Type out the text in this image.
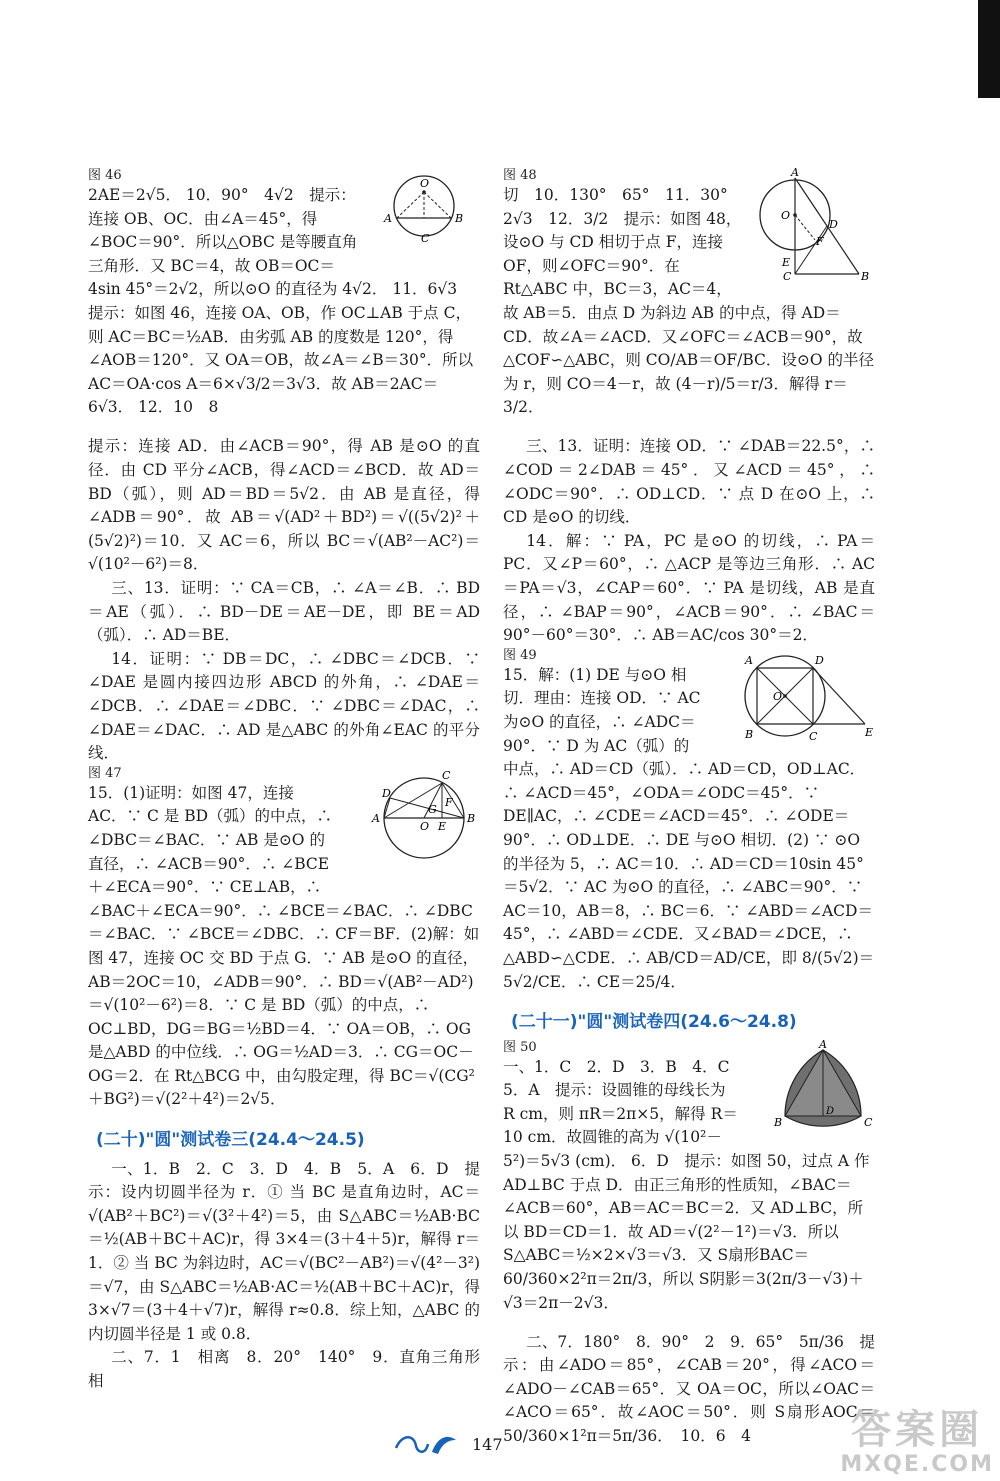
O
A
C
B

图 46
2AE＝2√5． 10．90°　4√2　提示：连接 OB、OC．由∠A＝45°，得∠BOC＝90°．所以△OBC 是等腰直角三角形．又 BC＝4，故 OB＝OC＝4sin 45°＝2√2，所以⊙O 的直径为 4√2． 11．6√3　提示：如图 46，连接 OA、OB，作 OC⊥AB 于点 C，则 AC＝BC＝½AB．由劣弧 AB 的度数是 120°，得∠AOB＝120°．又 OA＝OB，故∠A＝∠B＝30°．所以 AC＝OA·cos A＝6×√3/2＝3√3．故 AB＝2AC＝6√3． 12．10　8

提示：连接 AD．由∠ACB＝90°，得 AB 是⊙O 的直径．由 CD 平分∠ACB，得∠ACD＝∠BCD．故 AD＝BD（弧），则 AD＝BD＝5√2．由 AB 是直径，得∠ADB＝90°．故 AB＝√(AD²＋BD²)＝√((5√2)²＋(5√2)²)＝10．又 AC＝6，所以 BC＝√(AB²－AC²)＝√(10²－6²)＝8．

三、13．证明：∵ CA＝CB，∴ ∠A＝∠B．∴ BD＝AE（弧）．∴ BD－DE＝AE－DE，即 BE＝AD（弧）．∴ AD＝BE．

14．证明：∵ DB＝DC，∴ ∠DBC＝∠DCB．∵ ∠DAE 是圆内接四边形 ABCD 的外角，∴ ∠DAE＝∠DCB．∴ ∠DAE＝∠DBC．∵ ∠DBC＝∠DAC，∴ ∠DAE＝∠DAC．∴ AD 是△ABC 的外角∠EAC 的平分线．

D
C
F
A
G
O E
B

图 47
15．(1)证明：如图 47，连接 AC．∵ C 是 BD（弧）的中点，∴ ∠DBC＝∠BAC．∵ AB 是⊙O 的直径，∴ ∠ACB＝90°．∴ ∠BCE＋∠ECA＝90°．∵ CE⊥AB，∴ ∠BAC＋∠ECA＝90°．∴ ∠BCE＝∠BAC．∴ ∠DBC＝∠BAC．∵ ∠BCE＝∠DBC．∴ CF＝BF．(2)解：如图 47，连接 OC 交 BD 于点 G．∵ AB 是⊙O 的直径，AB＝2OC＝10，∠ADB＝90°．∴ BD＝√(AB²－AD²)＝√(10²－6²)＝8．∵ C 是 BD（弧）的中点，∴ OC⊥BD，DG＝BG＝½BD＝4．∵ OA＝OB，∴ OG 是△ABD 的中位线．∴ OG＝½AD＝3．∴ CG＝OC－OG＝2．在 Rt△BCG 中，由勾股定理，得 BC＝√(CG²＋BG²)＝√(2²＋4²)＝2√5．

(二十)"圆"测试卷三(24.4～24.5)

一、1．B　2．C　3．D　4．B　5．A　6．D　提示：设内切圆半径为 r．① 当 BC 是直角边时，AC＝√(AB²＋BC²)＝√(3²＋4²)＝5，由 S△ABC＝½AB·BC＝½(AB＋BC＋AC)r，得 3×4＝(3＋4＋5)r，解得 r＝1．② 当 BC 为斜边时，AC＝√(BC²－AB²)＝√(4²－3²)＝√7，由 S△ABC＝½AB·AC＝½(AB＋BC＋AC)r，得 3×√7＝(3＋4＋√7)r，解得 r≈0.8．综上知，△ABC 的内切圆半径是 1 或 0.8．

二、7．1　相离　8．20°　140°　9．直角三角形　相

A
O
D
F
E
C	B

图 48
切　10．130°　65°　11．30°　2√3　12．3/2　提示：如图 48，设⊙O 与 CD 相切于点 F，连接 OF，则∠OFC＝90°．在 Rt△ABC 中，BC＝3，AC＝4，故 AB＝5．由点 D 为斜边 AB 的中点，得 AD＝CD．故∠A＝∠ACD．又∠OFC＝∠ACB＝90°，故△COF∽△ABC，则 CO/AB＝OF/BC．设⊙O 的半径为 r，则 CO＝4－r，故 (4－r)/5＝r/3．解得 r＝3/2．

三、13．证明：连接 OD．∵ ∠DAB＝22.5°，∴ ∠COD＝2∠DAB＝45°．又∠ACD＝45°，∴ ∠ODC＝90°．∴ OD⊥CD．∵ 点 D 在⊙O 上，∴ CD 是⊙O 的切线．

14．解：∵ PA，PC 是⊙O 的切线，∴ PA＝PC．又∠P＝60°，∴ △ACP 是等边三角形．∴ AC＝PA＝√3，∠CAP＝60°．∵ PA 是切线，AB 是直径，∴ ∠BAP＝90°，∠ACB＝90°．∴ ∠BAC＝90°－60°＝30°．∴ AB＝AC/cos 30°＝2．

A	D
O
B	C	E

图 49
15．解：(1) DE 与⊙O 相切．理由：连接 OD．∵ AC 为⊙O 的直径，∴ ∠ADC＝90°．∵ D 为 AC（弧）的中点，∴ AD＝CD（弧）．∴ AD＝CD，OD⊥AC．∴ ∠ACD＝45°，∠ODA＝∠ODC＝45°．∵ DE∥AC，∴ ∠CDE＝∠ACD＝45°．∴ ∠ODE＝90°．∴ OD⊥DE．∴ DE 与⊙O 相切．(2) ∵ ⊙O 的半径为 5，∴ AC＝10．∴ AD＝CD＝10sin 45°＝5√2．∵ AC 为⊙O 的直径，∴ ∠ABC＝90°．∵ AC＝10，AB＝8，∴ BC＝6．∵ ∠ABD＝∠ACD＝45°，∴ ∠ABD＝∠CDE．又∠BAD＝∠DCE，∴ △ABD∽△CDE．∴ AB/CD＝AD/CE，即 8/(5√2)＝5√2/CE．∴ CE＝25/4．

(二十一)"圆"测试卷四(24.6～24.8)

A
B
D
C

图 50
一、1．C　2．D　3．B　4．C　5．A　提示：设圆锥的母线长为 R cm，则 πR＝2π×5，解得 R＝10 cm．故圆锥的高为 √(10²－5²)＝5√3 (cm)． 6．D　提示：如图 50，过点 A 作 AD⊥BC 于点 D．由正三角形的性质知，∠BAC＝∠ACB＝60°，AB＝AC＝BC＝2．又 AD⊥BC，所以 BD＝CD＝1．故 AD＝√(2²－1²)＝√3．所以 S△ABC＝½×2×√3＝√3．又 S扇形BAC＝60/360×2²π＝2π/3，所以 S阴影＝3(2π/3－√3)＋√3＝2π－2√3．

二、7．180°　8．90°　2　9．65°　5π/36　提示：由∠ADO＝85°，∠CAB＝20°，得∠ACO＝∠ADO－∠CAB＝65°．又 OA＝OC，所以∠OAC＝∠ACO＝65°．故∠AOC＝50°．则 S扇形AOC＝50/360×1²π＝5π/36．　10．6　4

147	答案圈
MXQE.COM
